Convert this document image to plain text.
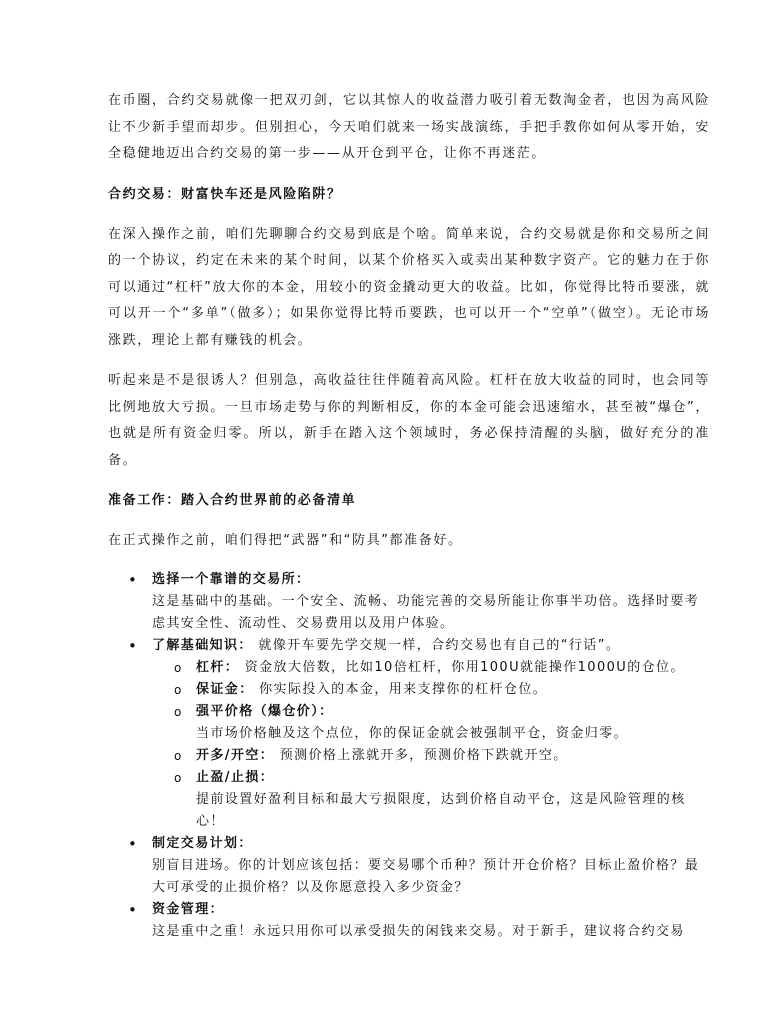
在币圈，合约交易就像一把双刃剑，它以其惊人的收益潜力吸引着无数淘金者，也因为高风险让不少新手望而却步。但别担心，今天咱们就来一场实战演练，手把手教你如何从零开始，安全稳健地迈出合约交易的第一步——从开仓到平仓，让你不再迷茫。

合约交易：财富快车还是风险陷阱？

在深入操作之前，咱们先聊聊合约交易到底是个啥。简单来说，合约交易就是你和交易所之间的一个协议，约定在未来的某个时间，以某个价格买入或卖出某种数字资产。它的魅力在于你可以通过“杠杆”放大你的本金，用较小的资金撬动更大的收益。比如，你觉得比特币要涨，就可以开一个“多单”（做多）；如果你觉得比特币要跌，也可以开一个“空单”（做空）。无论市场涨跌，理论上都有赚钱的机会。

听起来是不是很诱人？但别急，高收益往往伴随着高风险。杠杆在放大收益的同时，也会同等比例地放大亏损。一旦市场走势与你的判断相反，你的本金可能会迅速缩水，甚至被“爆仓”，也就是所有资金归零。所以，新手在踏入这个领域时，务必保持清醒的头脑，做好充分的准备。

准备工作：踏入合约世界前的必备清单

在正式操作之前，咱们得把“武器”和“防具”都准备好。

• 选择一个靠谱的交易所：
这是基础中的基础。一个安全、流畅、功能完善的交易所能让你事半功倍。选择时要考虑其安全性、流动性、交易费用以及用户体验。
• 了解基础知识： 就像开车要先学交规一样，合约交易也有自己的“行话”。
o 杠杆： 资金放大倍数，比如10倍杠杆，你用100U就能操作1000U的仓位。
o 保证金： 你实际投入的本金，用来支撑你的杠杆仓位。
o 强平价格（爆仓价）：
当市场价格触及这个点位，你的保证金就会被强制平仓，资金归零。
o 开多/开空： 预测价格上涨就开多，预测价格下跌就开空。
o 止盈/止损：
提前设置好盈利目标和最大亏损限度，达到价格自动平仓，这是风险管理的核心！
• 制定交易计划：
别盲目进场。你的计划应该包括：要交易哪个币种？预计开仓价格？目标止盈价格？最大可承受的止损价格？以及你愿意投入多少资金？
• 资金管理：
这是重中之重！永远只用你可以承受损失的闲钱来交易。对于新手，建议将合约交易
